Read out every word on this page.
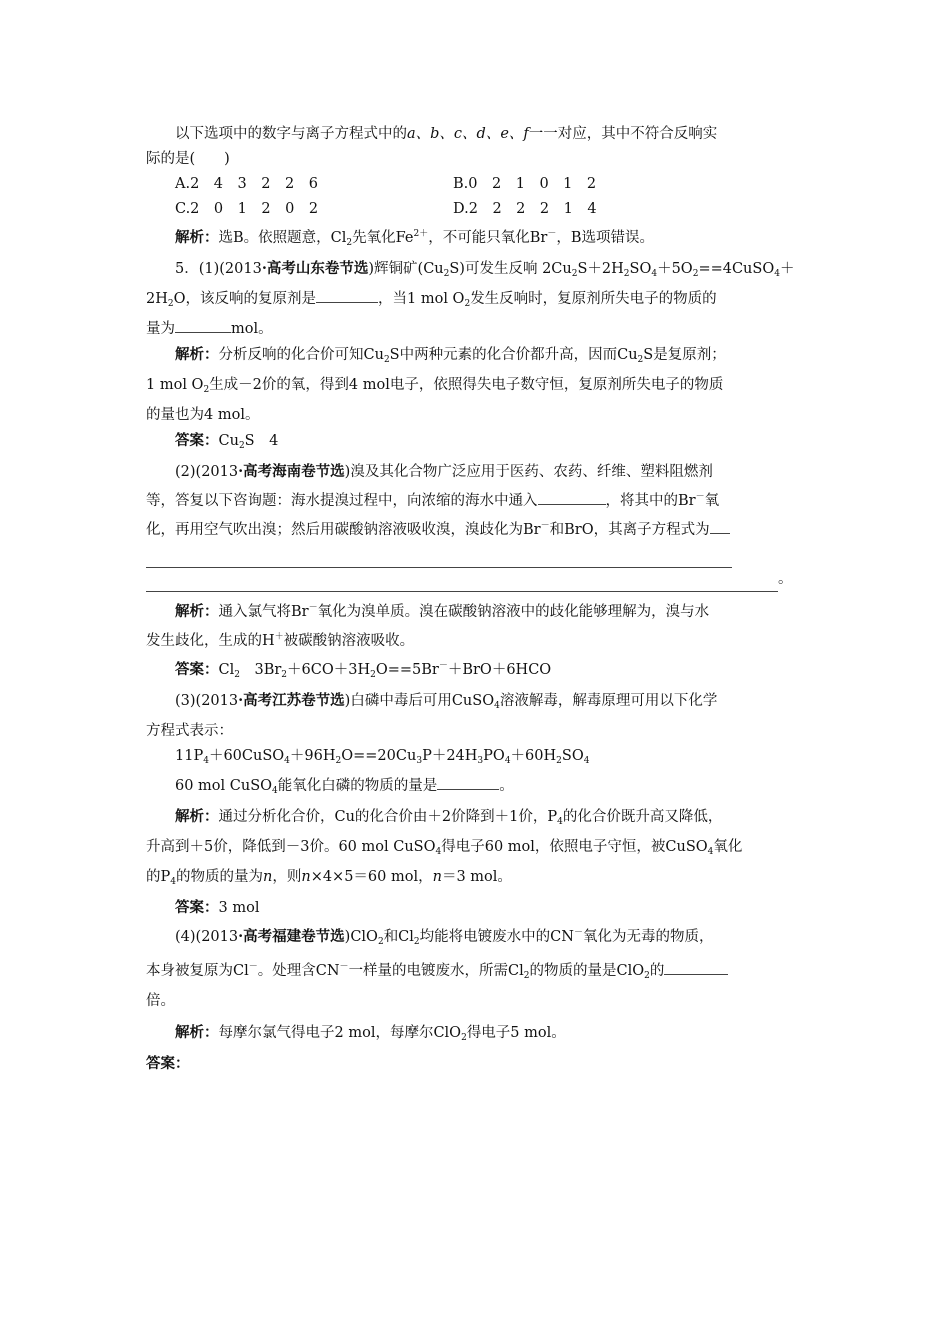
以下选项中的数字与离子方程式中的a、b、c、d、e、f一一对应，其中不符合反响实

际的是(　　)

A.2　4　3　2　2　6	B.0　2　1　0　1　2
C.2　0　1　2　0　2	D.2　2　2　2　1　4

解析：选B。依照题意，$Cl_2$先氧化$Fe^{2+}$，不可能只氧化Br－，B选项错误。

5．(1)(2013·高考山东卷节选)辉铜矿$(Cu_2S)$可发生反响 $2Cu_2S+2H_2SO_4+5O_2==4CuSO_4+2H_2O$，该反响的复原剂是	，当1 mol $O_2$发生反响时，复原剂所失电子的物质的
量为	mol。

解析：分析反响的化合价可知$Cu_2S$中两种元素的化合价都升高，因而$Cu_2S$是复原剂；
1 mol $O_2$生成－2价的氧，得到4 mol电子，依照得失电子数守恒，复原剂所失电子的物质
的量也为4 mol。

答案：$Cu_2S$　4

(2)(2013·高考海南卷节选)溴及其化合物广泛应用于医药、农药、纤维、塑料阻燃剂
等，答复以下咨询题：海水提溴过程中，向浓缩的海水中通入	，将其中的Br－氧
化，再用空气吹出溴；然后用碳酸钠溶液吸收溴，溴歧化为Br－和BrO，其离子方程式为

。

解析：通入氯气将Br－氧化为溴单质。溴在碳酸钠溶液中的歧化能够理解为，溴与水
发生歧化，生成的H＋被碳酸钠溶液吸收。

答案：$Cl_2$　$3Br_2+6CO+3H_2O==5Br^-+BrO+6HCO$

(3)(2013·高考江苏卷节选)白磷中毒后可用CuSO$_4$溶液解毒，解毒原理可用以下化学
方程式表示：

$11P_4+60CuSO_4+96H_2O==20Cu_3P+24H_3PO_4+60H_2SO_4$

60 mol CuSO$_4$能氧化白磷的物质的量是	。

解析：通过分析化合价，Cu的化合价由＋2价降到＋1价，$P_4$的化合价既升高又降低，
升高到＋5价，降低到－3价。60 mol CuSO$_4$得电子60 mol，依照电子守恒，被CuSO$_4$氧化
的$P_4$的物质的量为n，则n×4×5＝60 mol，n＝3 mol。

答案：3 mol

(4)(2013·高考福建卷节选)ClO$_2$和$Cl_2$均能将电镀废水中的CN－氧化为无毒的物质，
本身被复原为Cl－。处理含CN－一样量的电镀废水，所需$Cl_2$的物质的量是ClO$_2$的
倍。

解析：每摩尔氯气得电子2 mol，每摩尔ClO$_2$得电子5 mol。

答案：
